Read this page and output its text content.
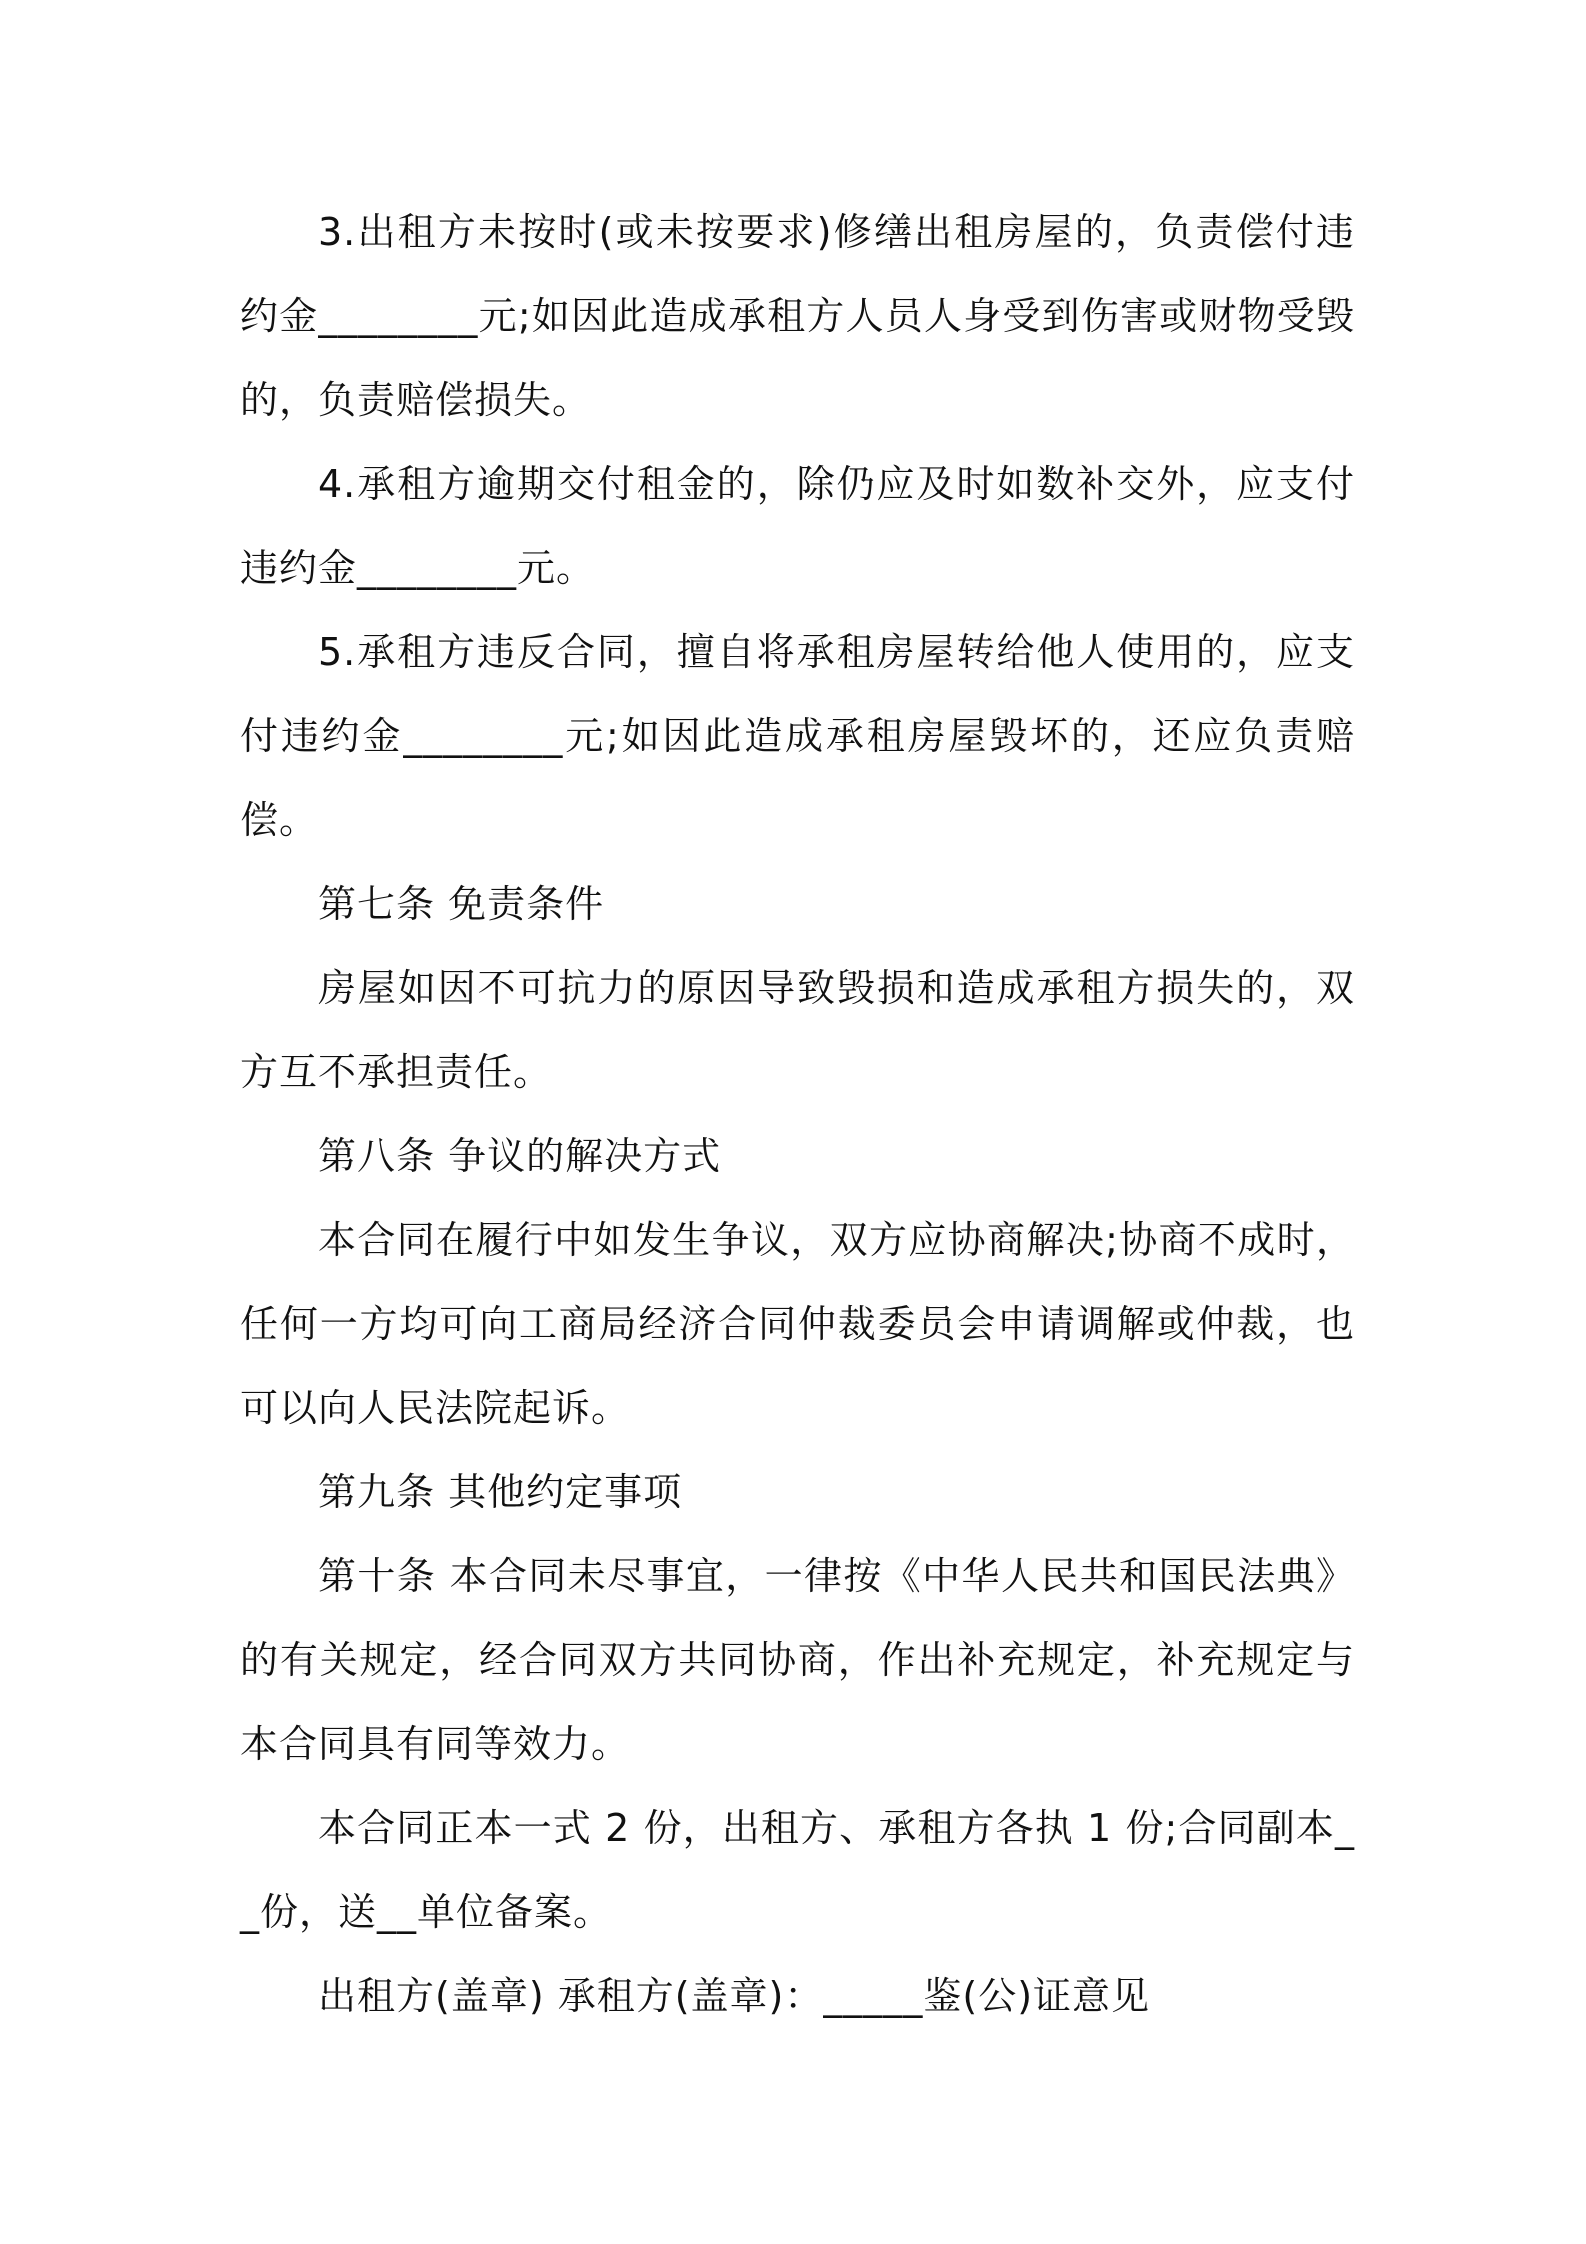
3.出租方未按时(或未按要求)修缮出租房屋的，负责偿付违约金________元;如因此造成承租方人员人身受到伤害或财物受毁的，负责赔偿损失。

4.承租方逾期交付租金的，除仍应及时如数补交外，应支付违约金________元。

5.承租方违反合同，擅自将承租房屋转给他人使用的，应支付违约金________元;如因此造成承租房屋毁坏的，还应负责赔偿。

第七条 免责条件

房屋如因不可抗力的原因导致毁损和造成承租方损失的，双方互不承担责任。

第八条 争议的解决方式

本合同在履行中如发生争议，双方应协商解决;协商不成时，任何一方均可向工商局经济合同仲裁委员会申请调解或仲裁，也可以向人民法院起诉。

第九条 其他约定事项

第十条 本合同未尽事宜，一律按《中华人民共和国民法典》的有关规定，经合同双方共同协商，作出补充规定，补充规定与本合同具有同等效力。

本合同正本一式 2 份，出租方、承租方各执 1 份;合同副本__份，送__单位备案。

出租方(盖章) 承租方(盖章)：_____鉴(公)证意见
